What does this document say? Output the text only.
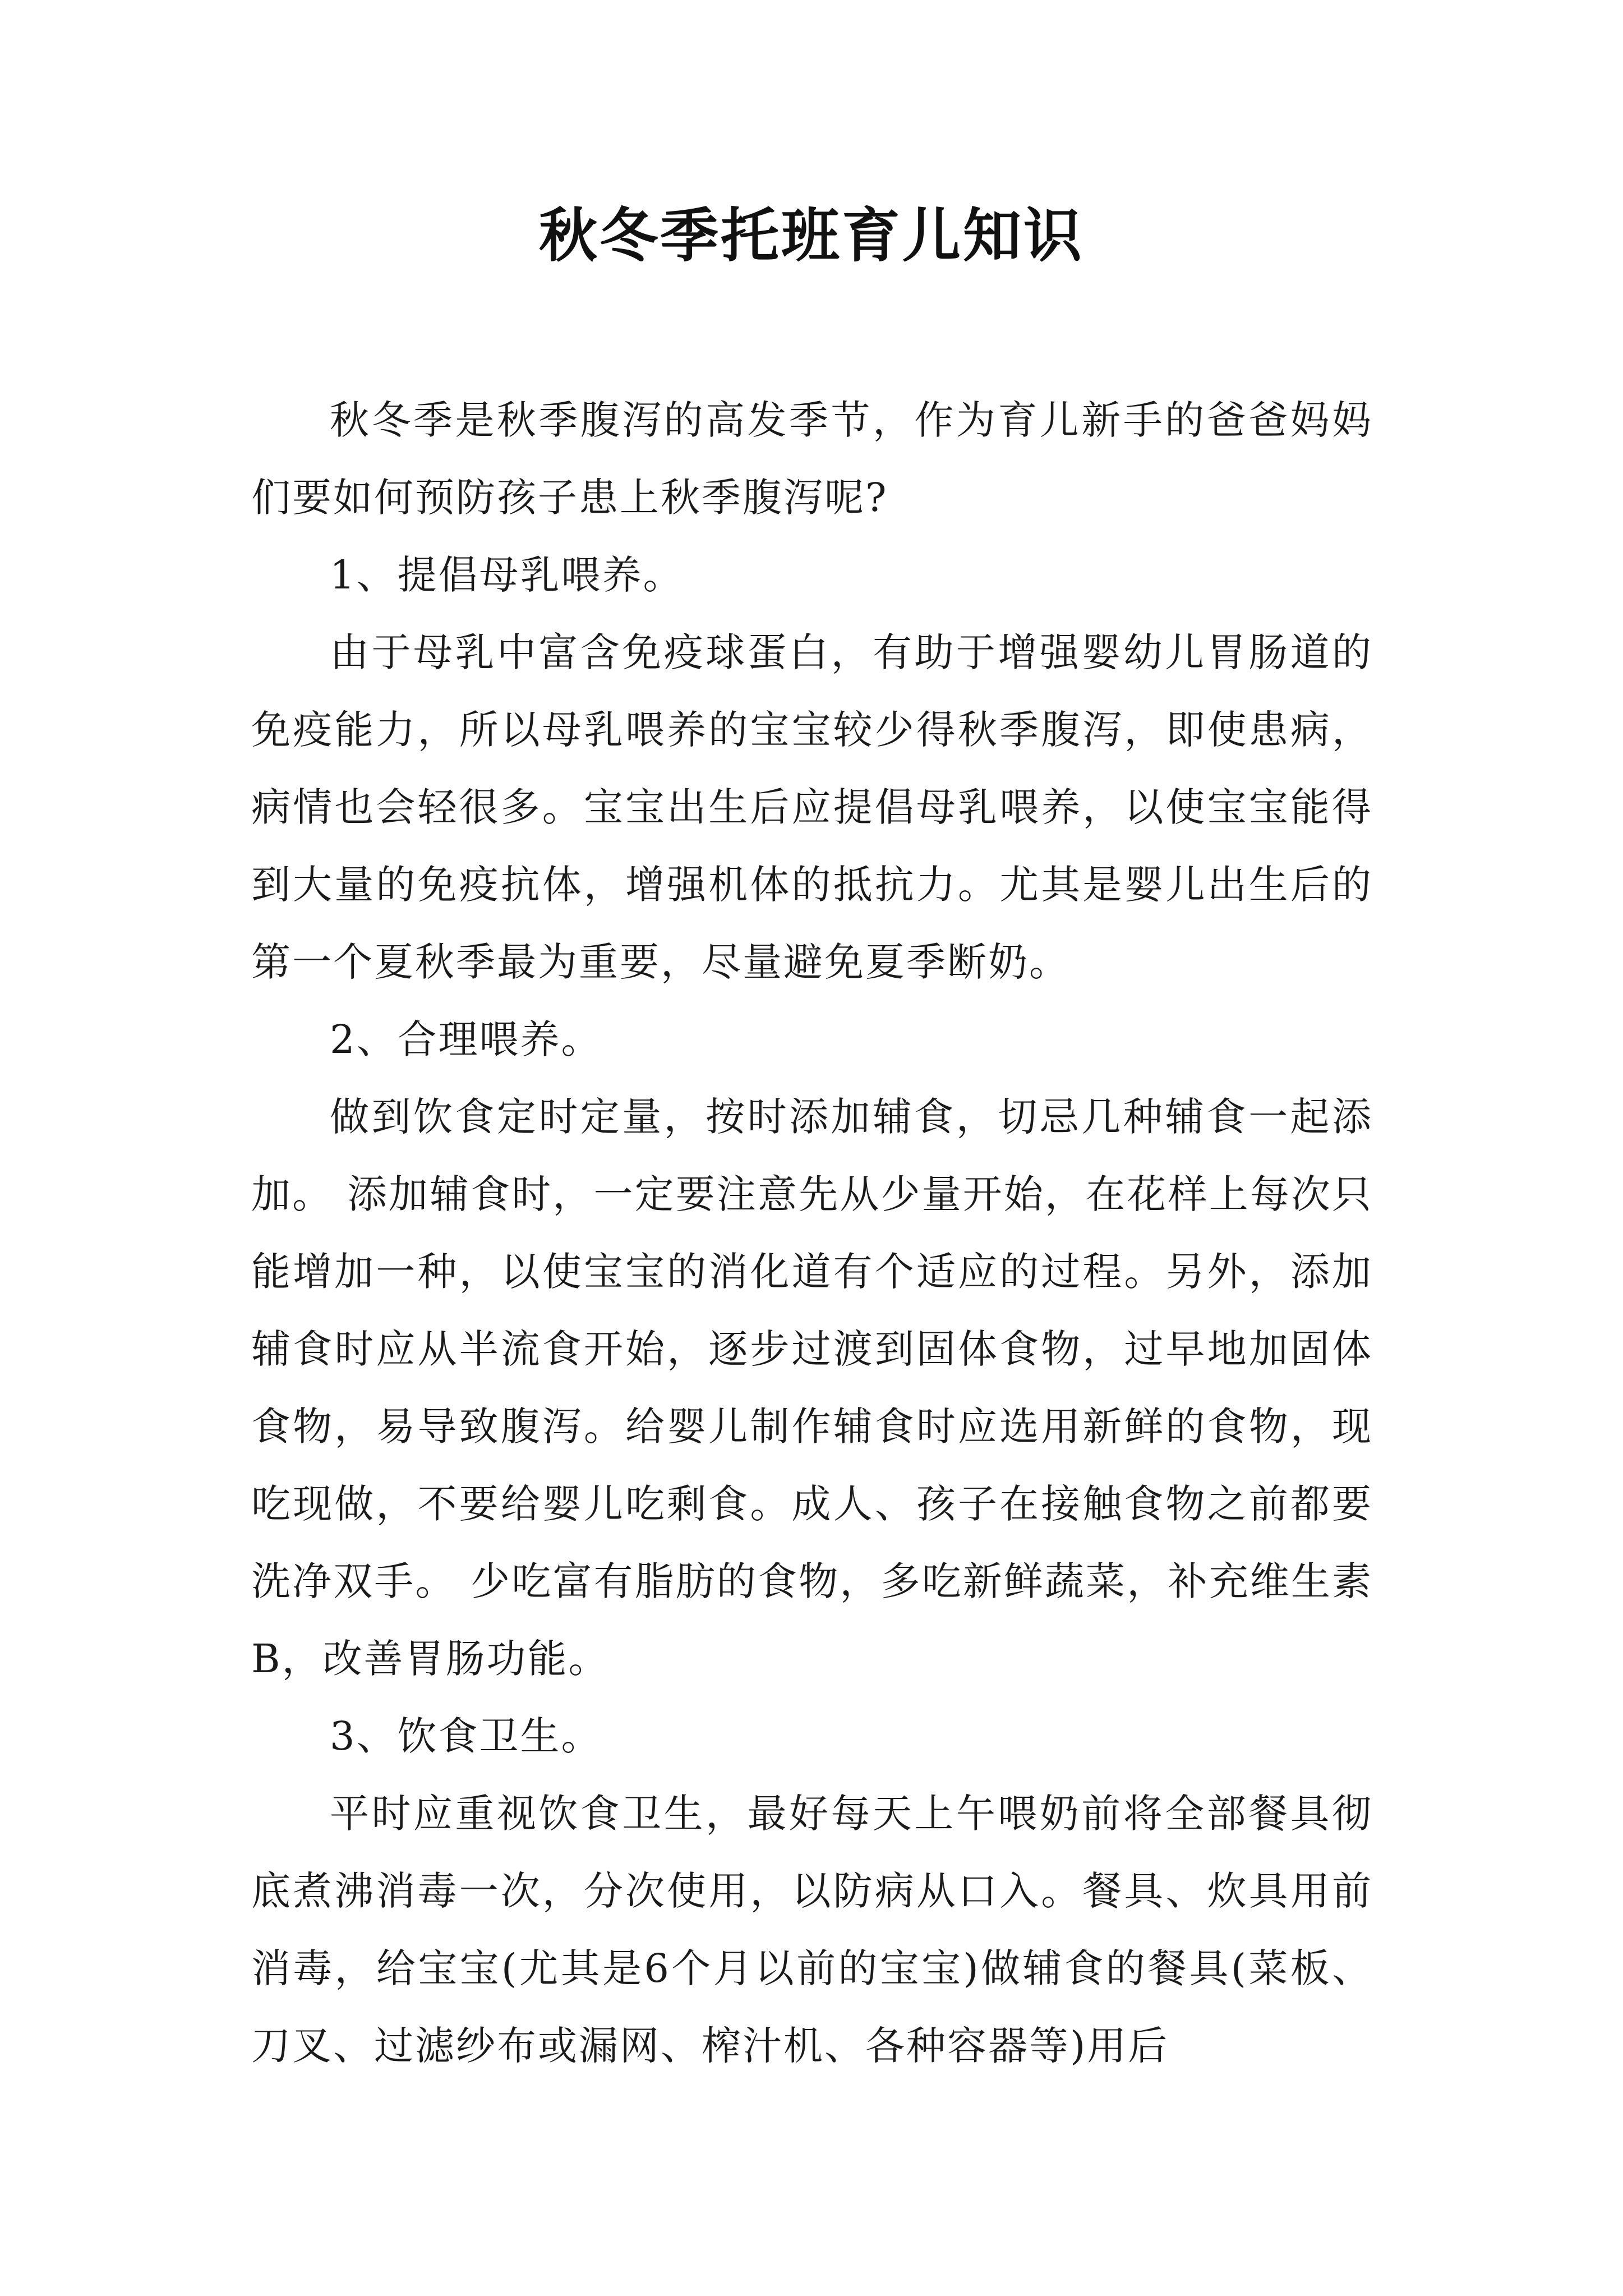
秋冬季托班育儿知识

秋冬季是秋季腹泻的高发季节，作为育儿新手的爸爸妈妈们要如何预防孩子患上秋季腹泻呢?

1、提倡母乳喂养。

由于母乳中富含免疫球蛋白，有助于增强婴幼儿胃肠道的免疫能力，所以母乳喂养的宝宝较少得秋季腹泻，即使患病，病情也会轻很多。宝宝出生后应提倡母乳喂养，以使宝宝能得到大量的免疫抗体，增强机体的抵抗力。尤其是婴儿出生后的第一个夏秋季最为重要，尽量避免夏季断奶。

2、合理喂养。

做到饮食定时定量，按时添加辅食，切忌几种辅食一起添加。 添加辅食时，一定要注意先从少量开始，在花样上每次只能增加一种，以使宝宝的消化道有个适应的过程。另外，添加辅食时应从半流食开始，逐步过渡到固体食物，过早地加固体食物，易导致腹泻。给婴儿制作辅食时应选用新鲜的食物，现吃现做，不要给婴儿吃剩食。成人、孩子在接触食物之前都要洗净双手。 少吃富有脂肪的食物，多吃新鲜蔬菜，补充维生素B，改善胃肠功能。

3、饮食卫生。

平时应重视饮食卫生，最好每天上午喂奶前将全部餐具彻底煮沸消毒一次，分次使用，以防病从口入。餐具、炊具用前消毒，给宝宝(尤其是6个月以前的宝宝)做辅食的餐具(菜板、刀叉、过滤纱布或漏网、榨汁机、各种容器等)用后
